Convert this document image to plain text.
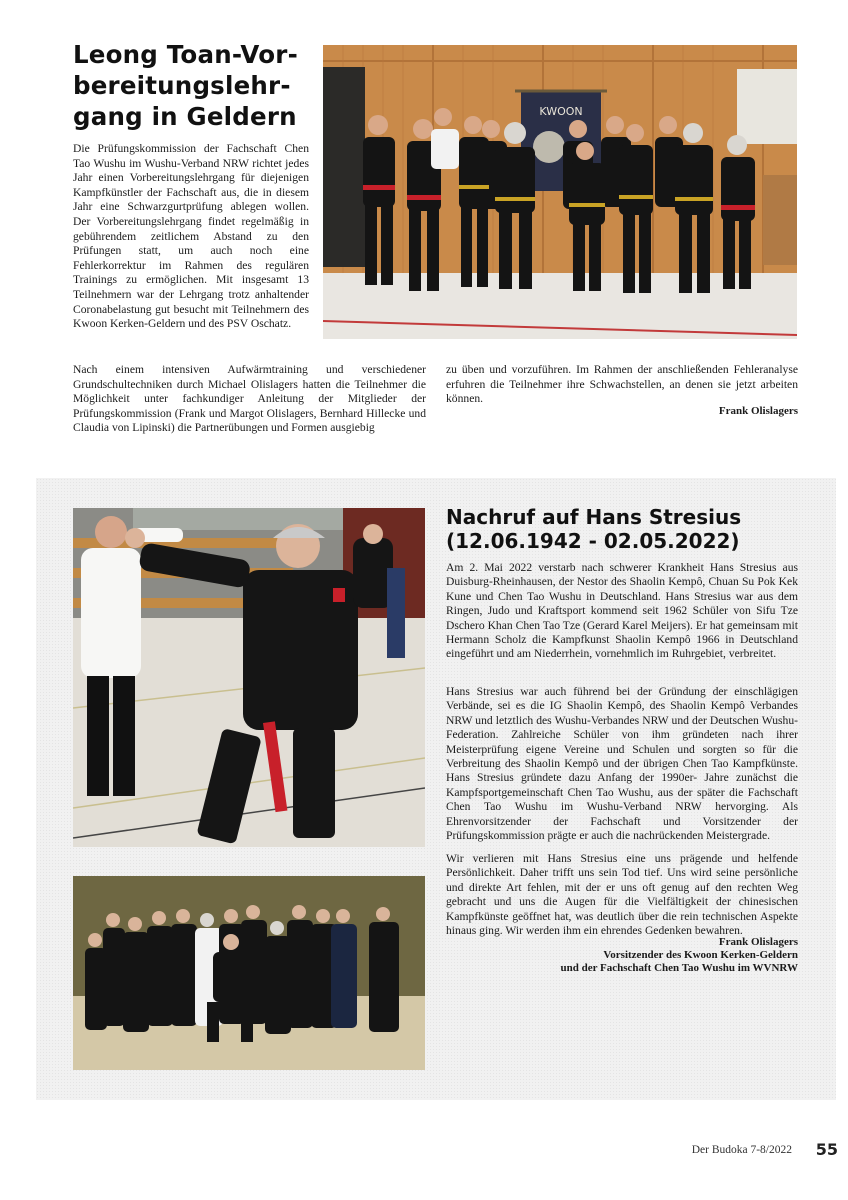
Leong Toan-Vorbereitungslehrgang in Geldern

Die Prüfungskommission der Fachschaft Chen Tao Wushu im Wushu-Verband NRW richtet jedes Jahr einen Vorbereitungslehrgang für diejenigen Kampfkünstler der Fachschaft aus, die in diesem Jahr eine Schwarzgurtprüfung ablegen wollen. Der Vorbereitungslehrgang findet regelmäßig in gebührendem zeitlichem Abstand zu den Prüfungen statt, um auch noch eine Fehlerkorrektur im Rahmen des regulären Trainings zu ermöglichen. Mit insgesamt 13 Teilnehmern war der Lehrgang trotz anhaltender Coronabelastung gut besucht mit Teilnehmern des Kwoon Kerken-Geldern und des PSV Oschatz.

Nach einem intensiven Aufwärmtraining und verschiedener Grundschultechniken durch Michael Olislagers hatten die Teilnehmer die Möglichkeit unter fachkundiger Anleitung der Mitglieder der Prüfungskommission (Frank und Margot Olislagers, Bernhard Hillecke und Claudia von Lipinski) die Partnerübungen und Formen ausgiebig

zu üben und vorzuführen. Im Rahmen der anschließenden Fehleranalyse erfuhren die Teilnehmer ihre Schwachstellen, an denen sie jetzt arbeiten können.

Frank Olislagers

KWOON
Nachruf auf Hans Stresius
(12.06.1942 - 02.05.2022)

Am 2. Mai 2022 verstarb nach schwerer Krankheit Hans Stresius aus Duisburg-Rheinhausen, der Nestor des Shaolin Kempô, Chuan Su Pok Kek Kune und Chen Tao Wushu in Deutschland. Hans Stresius war aus dem Ringen, Judo und Kraftsport kommend seit 1962 Schüler von Sifu Tze Dschero Khan Chen Tao Tze (Gerard Karel Meijers). Er hat gemeinsam mit Hermann Scholz die Kampfkunst Shaolin Kempô 1966 in Deutschland eingeführt und am Niederrhein, vornehmlich im Ruhrgebiet, verbreitet.

Hans Stresius war auch führend bei der Gründung der einschlägigen Verbände, sei es die IG Shaolin Kempô, des Shaolin Kempô Verbandes NRW und letztlich des Wushu-Verbandes NRW und der Deutschen Wushu-Federation. Zahlreiche Schüler von ihm gründeten nach ihrer Meisterprüfung eigene Vereine und Schulen und sorgten so für die Verbreitung des Shaolin Kempô und der übrigen Chen Tao Kampfkünste. Hans Stresius gründete dazu Anfang der 1990er- Jahre zunächst die Kampfsportgemeinschaft Chen Tao Wushu, aus der später die Fachschaft Chen Tao Wushu im Wushu-Verband NRW hervorging. Als Ehrenvorsitzender der Fachschaft und Vorsitzender der Prüfungskommission prägte er auch die nachrückenden Meistergrade.

Wir verlieren mit Hans Stresius eine uns prägende und helfende Persönlichkeit. Daher trifft uns sein Tod tief. Uns wird seine persönliche und direkte Art fehlen, mit der er uns oft genug auf den rechten Weg gebracht und uns die Augen für die Vielfältigkeit der chinesischen Kampfkünste geöffnet hat, was deutlich über die rein technischen Aspekte hinaus ging. Wir werden ihm ein ehrendes Gedenken bewahren.

Frank Olislagers

Vorsitzender des Kwoon Kerken-Geldern

und der Fachschaft Chen Tao Wushu im WVNRW

Der Budoka 7-8/2022	55
